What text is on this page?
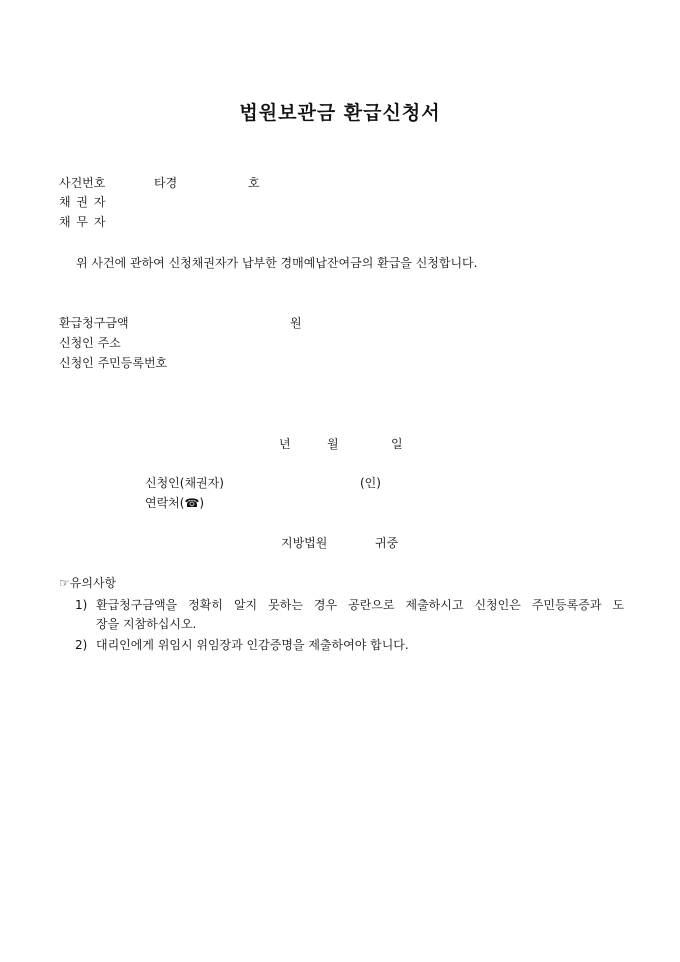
법원보관금 환급신청서
사건번호	타경	호
채 권 자
채 무 자
위 사건에 관하여 신청채권자가 납부한 경매예납잔여금의 환급을 신청합니다.
환급청구금액	원
신청인 주소
신청인 주민등록번호
년	월	일
신청인(채권자)	(인)
연락처(☎)
지방법원	귀중
☞유의사항
1) 환급청구금액을 정확히 알지 못하는 경우 공란으로 제출하시고 신청인은 주민등록증과 도
장을 지참하십시오.
2) 대리인에게 위임시 위임장과 인감증명을 제출하여야 합니다.
